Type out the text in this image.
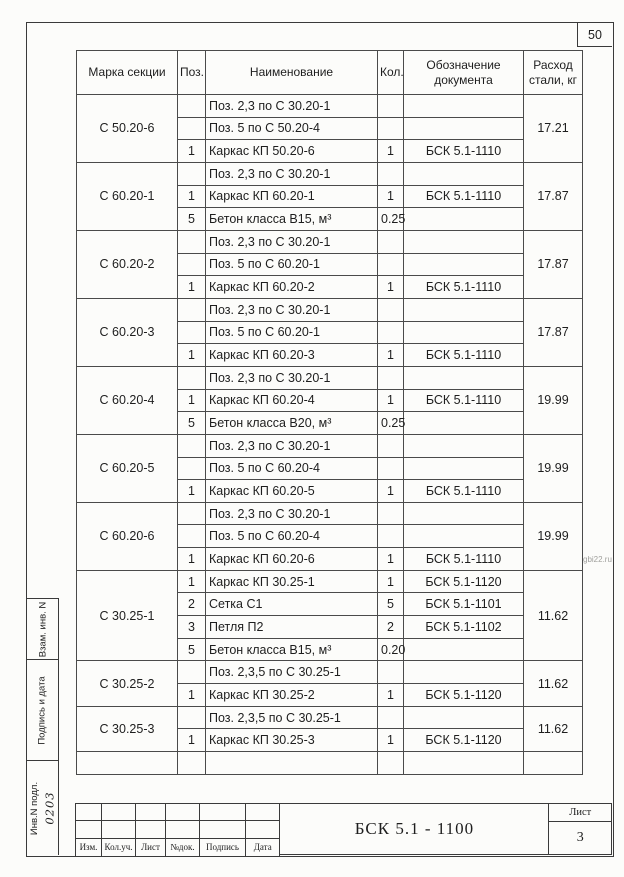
50
Марка секции	Поз.	Наименование	Кол.	Обозначение документа	Расход стали, кг
С 50.20-6		Поз. 2,3 по С 30.20-1			17.21
		Поз. 5 по С 50.20-4			
	1	Каркас КП 50.20-6	1	БСК 5.1-1110	
С 60.20-1		Поз. 2,3 по С 30.20-1			17.87
	1	Каркас КП 60.20-1	1	БСК 5.1-1110	
	5	Бетон класса В15, м³	0.25		
С 60.20-2		Поз. 2,3 по С 30.20-1			17.87
		Поз. 5 по С 60.20-1			
	1	Каркас КП 60.20-2	1	БСК 5.1-1110	
С 60.20-3		Поз. 2,3 по С 30.20-1			17.87
		Поз. 5 по С 60.20-1			
	1	Каркас КП 60.20-3	1	БСК 5.1-1110	
С 60.20-4		Поз. 2,3 по С 30.20-1			19.99
	1	Каркас КП 60.20-4	1	БСК 5.1-1110	
	5	Бетон класса В20, м³	0.25		
С 60.20-5		Поз. 2,3 по С 30.20-1			19.99
		Поз. 5 по С 60.20-4			
	1	Каркас КП 60.20-5	1	БСК 5.1-1110	
С 60.20-6		Поз. 2,3 по С 30.20-1			19.99
		Поз. 5 по С 60.20-4			
	1	Каркас КП 60.20-6	1	БСК 5.1-1110	
С 30.25-1	1	Каркас КП 30.25-1	1	БСК 5.1-1120	11.62
	2	Сетка С1	5	БСК 5.1-1101	
	3	Петля П2	2	БСК 5.1-1102	
	5	Бетон класса В15, м³	0.20		
С 30.25-2		Поз. 2,3,5 по С 30.25-1			11.62
	1	Каркас КП 30.25-2	1	БСК 5.1-1120	
С 30.25-3		Поз. 2,3,5 по С 30.25-1			11.62
	1	Каркас КП 30.25-3	1	БСК 5.1-1120	

gbi22.ru
Взам. инв. N
Подпись и дата
Инв.N подл. 0203
Изм. Кол.уч. Лист	№док.	Подпись	Дата
БСК 5.1 - 1100
Лист
3
